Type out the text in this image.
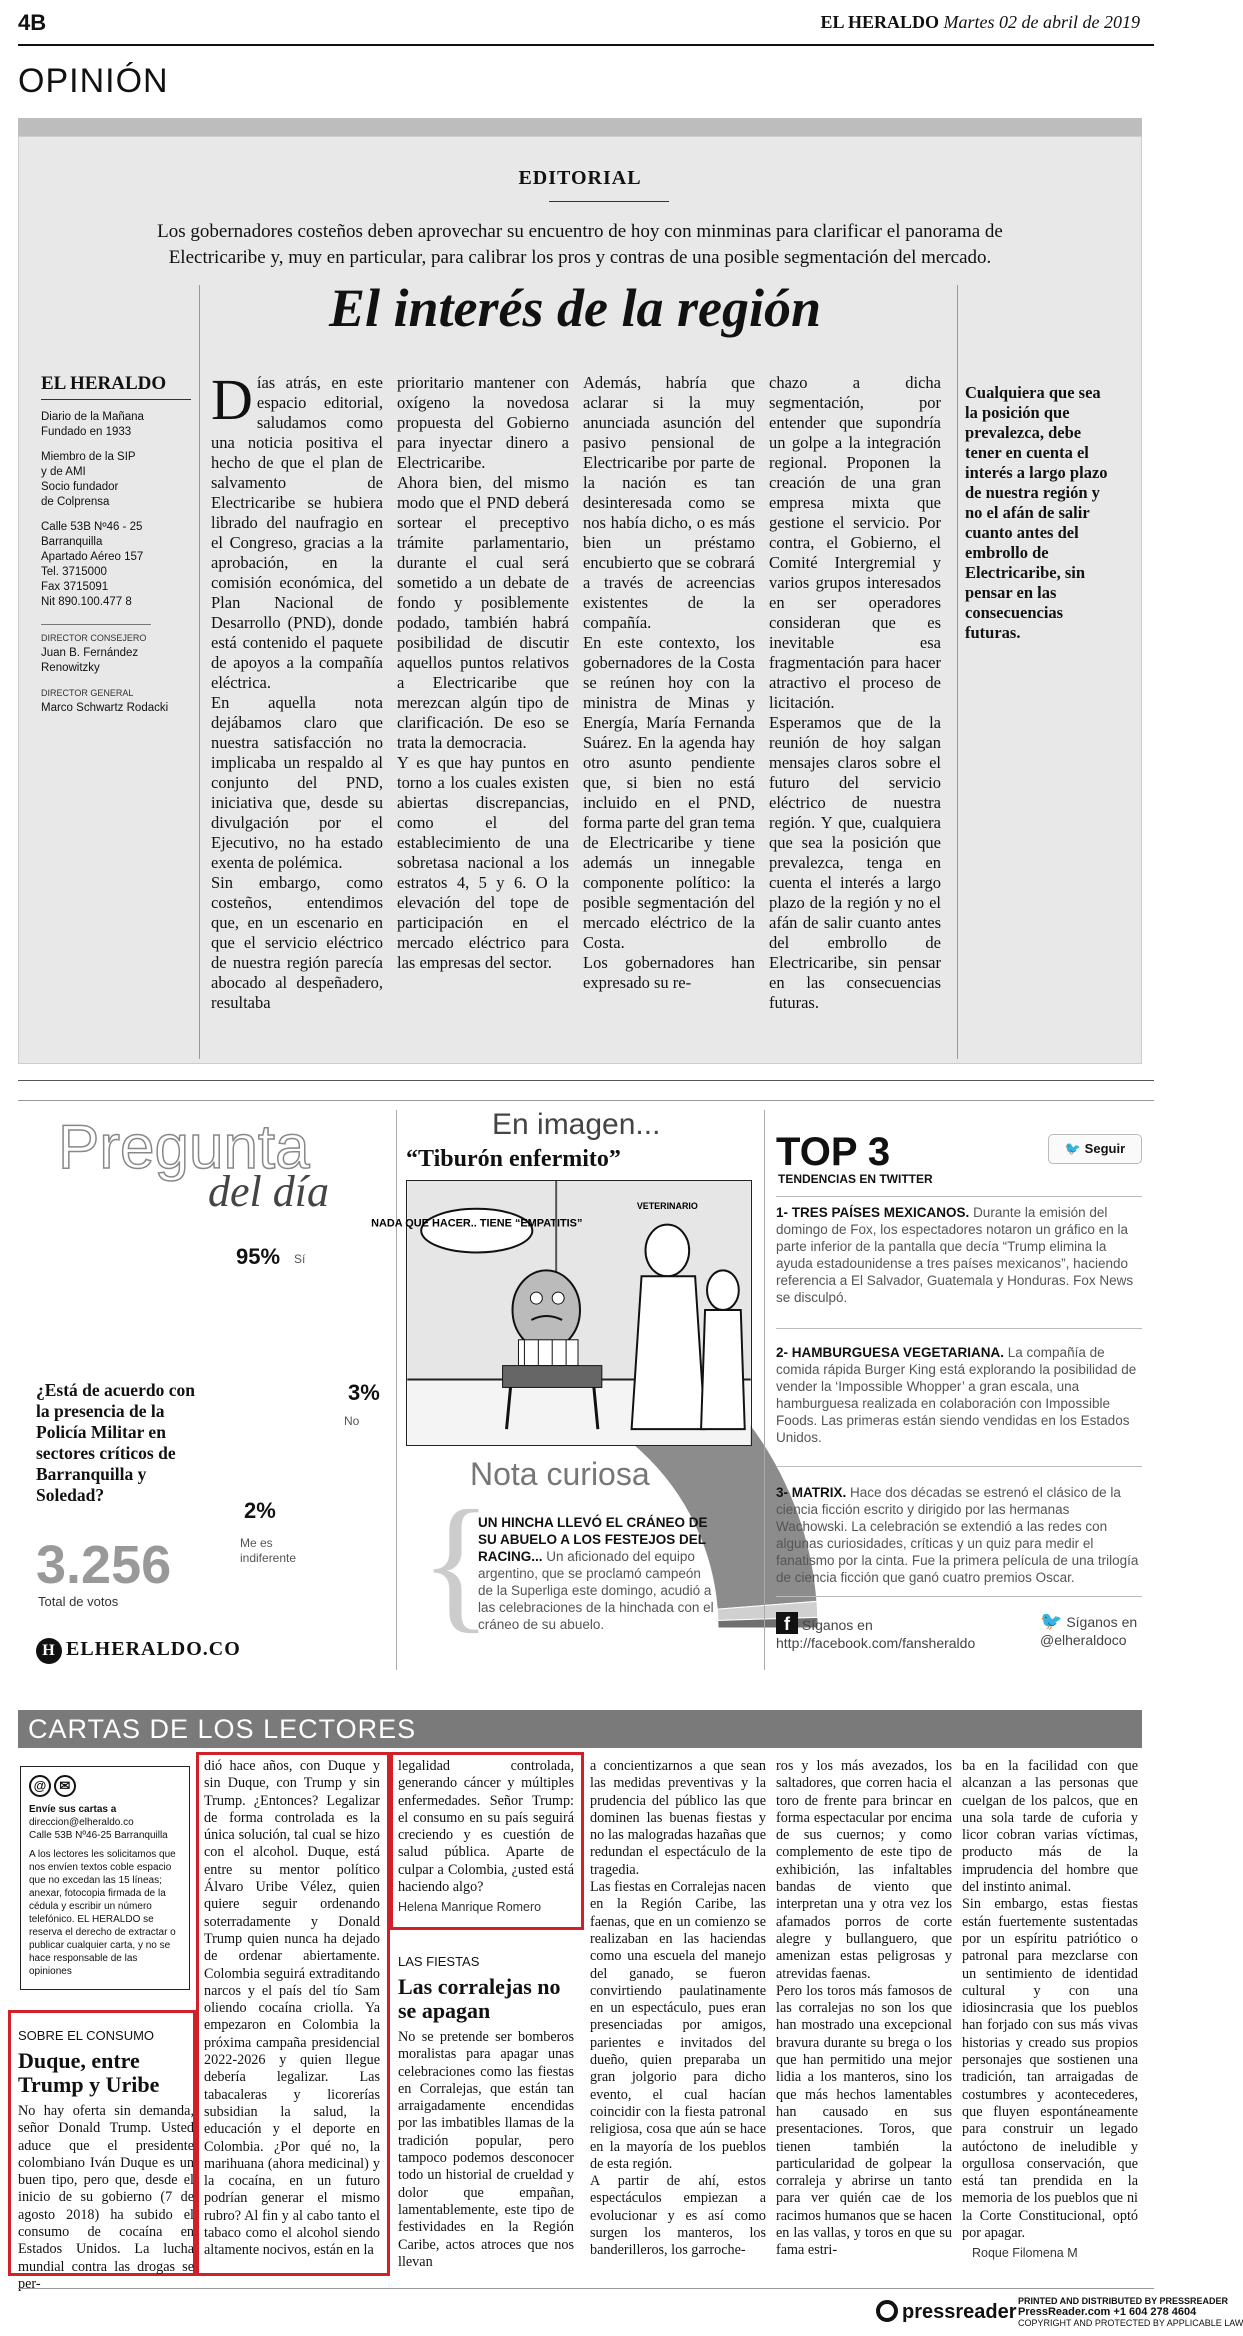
4B	EL HERALDO Martes 02 de abril de 2019
OPINIÓN
EDITORIAL
Los gobernadores costeños deben aprovechar su encuentro de hoy con minminas para clarificar el panorama de Electricaribe y, muy en particular, para calibrar los pros y contras de una posible segmentación del mercado.
El interés de la región
EL HERALDO

Diario de la Mañana
Fundado en 1933

Miembro de la SIP
y de AMI
Socio fundador
de Colprensa

Calle 53B Nº46 - 25
Barranquilla
Apartado Aéreo 157
Tel. 3715000
Fax 3715091
Nit 890.100.477 8

DIRECTOR CONSEJERO

Juan B. Fernández
Renowitzky

DIRECTOR GENERAL

Marco Schwartz Rodacki

Días atrás, en este espacio editorial, saludamos como una noticia positiva el hecho de que el plan de salvamento de Electricaribe se hubiera librado del naufragio en el Congreso, gracias a la aprobación, en la comisión económica, del Plan Nacional de Desarrollo (PND), donde está contenido el paquete de apoyos a la compañía eléctrica.
En aquella nota dejábamos claro que nuestra satisfacción no implicaba un respaldo al conjunto del PND, iniciativa que, desde su divulgación por el Ejecutivo, no ha estado exenta de polémica.
Sin embargo, como costeños, entendimos que, en un escenario en que el servicio eléctrico de nuestra región parecía abocado al despeñadero, resultaba
prioritario mantener con oxígeno la novedosa propuesta del Gobierno para inyectar dinero a Electricaribe.
Ahora bien, del mismo modo que el PND deberá sortear el preceptivo trámite parlamentario, durante el cual será sometido a un debate de fondo y posiblemente podado, también habrá posibilidad de discutir aquellos puntos relativos a Electricaribe que merezcan algún tipo de clarificación. De eso se trata la democracia.
Y es que hay puntos en torno a los cuales existen abiertas discrepancias, como el del establecimiento de una sobretasa nacional a los estratos 4, 5 y 6. O la elevación del tope de participación en el mercado eléctrico para las empresas del sector.
Además, habría que aclarar si la muy anunciada asunción del pasivo pensional de Electricaribe por parte de la nación es tan desinteresada como se nos había dicho, o es más bien un préstamo encubierto que se cobrará a través de acreencias existentes de la compañía.
En este contexto, los gobernadores de la Costa se reúnen hoy con la ministra de Minas y Energía, María Fernanda Suárez. En la agenda hay otro asunto pendiente que, si bien no está incluido en el PND, forma parte del gran tema de Electricaribe y tiene además un innegable componente político: la posible segmentación del mercado eléctrico de la Costa.
Los gobernadores han expresado su re-
chazo a dicha segmentación, por entender que supondría un golpe a la integración regional. Proponen la creación de una gran empresa mixta que gestione el servicio. Por contra, el Gobierno, el Comité Intergremial y varios grupos interesados en ser operadores consideran que es inevitable esa fragmentación para hacer atractivo el proceso de licitación.
Esperamos que de la reunión de hoy salgan mensajes claros sobre el futuro del servicio eléctrico de nuestra región. Y que, cualquiera que sea la posición que prevalezca, tenga en cuenta el interés a largo plazo de la región y no el afán de salir cuanto antes del embrollo de Electricaribe, sin pensar en las consecuencias futuras.
Cualquiera que sea la posición que prevalezca, debe tener en cuenta el interés a largo plazo de nuestra región y no el afán de salir cuanto antes del embrollo de Electricaribe, sin pensar en las consecuencias futuras.
Pregunta
del día
95% Sí
3%
No
2%
Me es indiferente
¿Está de acuerdo con la presencia de la Policía Militar en sectores críticos de Barranquilla y Soledad?
3.256
Total de votos
H ELHERALDO.CO
En imagen...
“Tiburón enfermito”
NADA QUE HACER.. TIENE “EMPATITIS”
VETERINARIO
Nota curiosa
{
UN HINCHA LLEVÓ EL CRÁNEO DE SU ABUELO A LOS FESTEJOS DEL RACING... Un aficionado del equipo argentino, que se proclamó campeón de la Superliga este domingo, acudió a las celebraciones de la hinchada con el cráneo de su abuelo.
TOP 3
TENDENCIAS EN TWITTER
🐦 Seguir
1- TRES PAÍSES MEXICANOS. Durante la emisión del domingo de Fox, los espectadores notaron un gráfico en la parte inferior de la pantalla que decía “Trump elimina la ayuda estadounidense a tres países mexicanos”, haciendo referencia a El Salvador, Guatemala y Honduras. Fox News se disculpó.
2- HAMBURGUESA VEGETARIANA. La compañía de comida rápida Burger King está explorando la posibilidad de vender la ‘Impossible Whopper’ a gran escala, una hamburguesa realizada en colaboración con Impossible Foods. Las primeras están siendo vendidas en los Estados Unidos.
3- MATRIX. Hace dos décadas se estrenó el clásico de la ciencia ficción escrito y dirigido por las hermanas Wachowski. La celebración se extendió a las redes con algunas curiosidades, críticas y un quiz para medir el fanatismo por la cinta. Fue la primera película de una trilogía de ciencia ficción que ganó cuatro premios Oscar.
f Síganos en
http://facebook.com/fansheraldo
🐦 Síganos en
@elheraldoco
CARTAS DE LOS LECTORES
@ ✉
Envíe sus cartas a
direccion@elheraldo.co
Calle 53B Nº46-25 Barranquilla
A los lectores les solicitamos que nos envíen textos coble espacio que no excedan las 15 líneas; anexar, fotocopia firmada de la cédula y escribir un número telefónico. EL HERALDO se reserva el derecho de extractar o publicar cualquier carta, y no se hace responsable de las opiniones
SOBRE EL CONSUMO
Duque, entre Trump y Uribe
No hay oferta sin demanda, señor Donald Trump. Usted aduce que el presidente colombiano Iván Duque es un buen tipo, pero que, desde el inicio de su gobierno (7 de agosto 2018) ha subido el consumo de cocaína en Estados Unidos. La lucha mundial contra las drogas se per-
dió hace años, con Duque y sin Duque, con Trump y sin Trump. ¿Entonces? Legalizar de forma controlada es la única solución, tal cual se hizo con el alcohol. Duque, está entre su mentor político Álvaro Uribe Vélez, quien quiere seguir ordenando soterradamente y Donald Trump quien nunca ha dejado de ordenar abiertamente. Colombia seguirá extraditando narcos y el país del tío Sam oliendo cocaína criolla. Ya empezaron en Colombia la próxima campaña presidencial 2022-2026 y quien llegue debería legalizar. Las tabacaleras y licorerías subsidian la salud, la educación y el deporte en Colombia. ¿Por qué no, la marihuana (ahora medicinal) y la cocaína, en un futuro podrían generar el mismo rubro? Al fin y al cabo tanto el tabaco como el alcohol siendo altamente nocivos, están en la
legalidad controlada, generando cáncer y múltiples enfermedades. Señor Trump: el consumo en su país seguirá creciendo y es cuestión de salud pública. Aparte de culpar a Colombia, ¿usted está haciendo algo?
Helena Manrique Romero
LAS FIESTAS
Las corralejas no se apagan
No se pretende ser bomberos moralistas para apagar unas celebraciones como las fiestas en Corralejas, que están tan arraigadamente encendidas por las imbatibles llamas de la tradición popular, pero tampoco podemos desconocer todo un historial de crueldad y dolor que empañan, lamentablemente, este tipo de festividades en la Región Caribe, actos atroces que nos llevan
a concientizarnos a que sean las medidas preventivas y la prudencia del público las que dominen las buenas fiestas y no las malogradas hazañas que redundan el espectáculo de la tragedia.
Las fiestas en Corralejas nacen en la Región Caribe, las faenas, que en un comienzo se realizaban en las haciendas como una escuela del manejo del ganado, se fueron convirtiendo paulatinamente en un espectáculo, pues eran presenciadas por amigos, parientes e invitados del dueño, quien preparaba un gran jolgorio para dicho evento, el cual hacían coincidir con la fiesta patronal religiosa, cosa que aún se hace en la mayoría de los pueblos de esta región.
A partir de ahí, estos espectáculos empiezan a evolucionar y es así como surgen los manteros, los banderilleros, los garroche-
ros y los más avezados, los saltadores, que corren hacia el toro de frente para brincar en forma espectacular por encima de sus cuernos; y como complemento de este tipo de exhibición, las infaltables bandas de viento que interpretan una y otra vez los afamados porros de corte alegre y bullanguero, que amenizan estas peligrosas y atrevidas faenas.
Pero los toros más famosos de las corralejas no son los que han mostrado una excepcional bravura durante su brega o los que han permitido una mejor lidia a los manteros, sino los que más hechos lamentables han causado en sus presentaciones. Toros, que tienen también la particularidad de golpear la corraleja y abrirse un tanto para ver quién cae de los racimos humanos que se hacen en las vallas, y toros en que su fama estri-
ba en la facilidad con que alcanzan a las personas que cuelgan de los palcos, que en una sola tarde de cuforia y licor cobran varias víctimas, producto más de la imprudencia del hombre que del instinto animal.
Sin embargo, estas fiestas están fuertemente sustentadas por un espíritu patriótico o patronal para mezclarse con un sentimiento de identidad cultural y con una idiosincrasia que los pueblos han forjado con sus más vivas historias y creado sus propios personajes que sostienen una tradición, tan arraigadas de costumbres y acontecederes, que fluyen espontáneamente para construir un legado autóctono de ineludible y orgullosa conservación, que está tan prendida en la memoria de los pueblos que ni la Corte Constitucional, optó por apagar.
Roque Filomena M
pressreader PRINTED AND DISTRIBUTED BY PRESSREADER
PressReader.com +1 604 278 4604
COPYRIGHT AND PROTECTED BY APPLICABLE LAW
